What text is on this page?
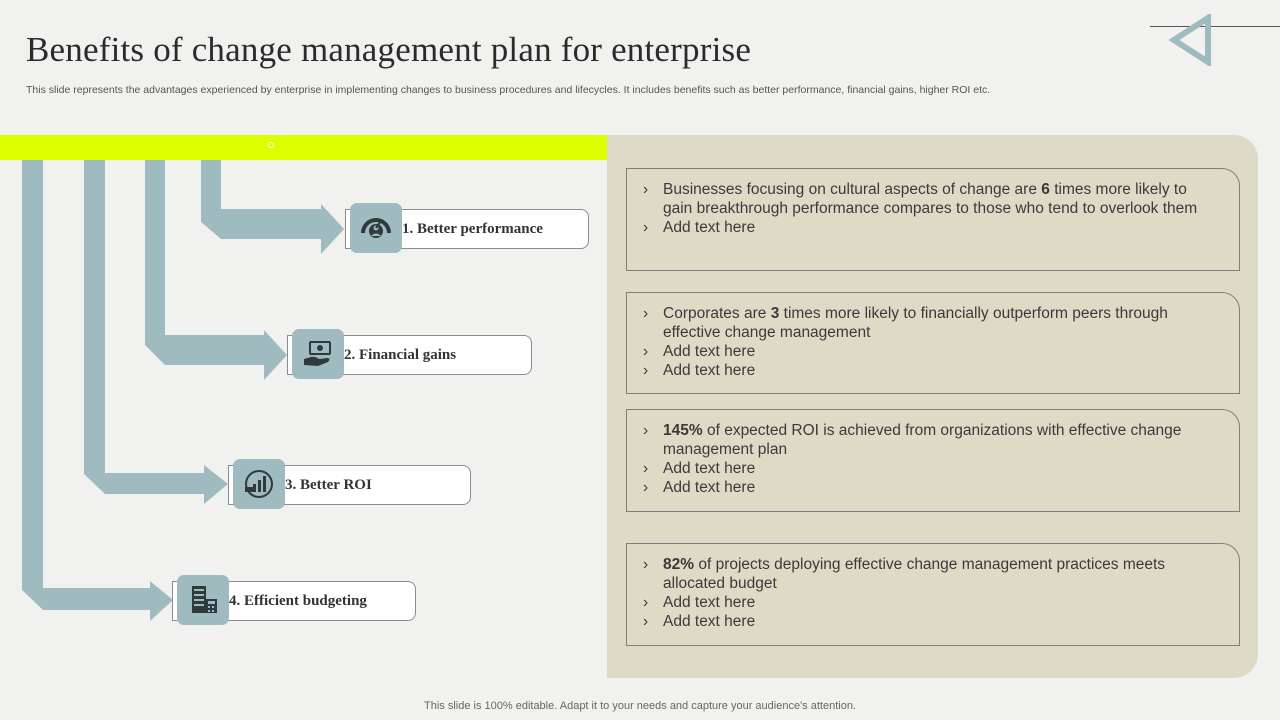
Benefits of change management plan for enterprise

This slide represents the advantages experienced by enterprise in implementing changes to business procedures and lifecycles. It includes benefits such as better performance, financial gains, higher ROI etc.

1. Better performance
2. Financial gains
3. Better ROI
4. Efficient budgeting
› Businesses focusing on cultural aspects of change are 6 times more likely to gain breakthrough performance compares to those who tend to overlook them
› Add text here
› Corporates are 3 times more likely to financially outperform peers through effective change management
› Add text here
› Add text here
› 145% of expected ROI is achieved from organizations with effective change management plan
› Add text here
› Add text here
› 82% of projects deploying effective change management practices meets allocated budget
› Add text here
› Add text here
This slide is 100% editable. Adapt it to your needs and capture your audience's attention.
